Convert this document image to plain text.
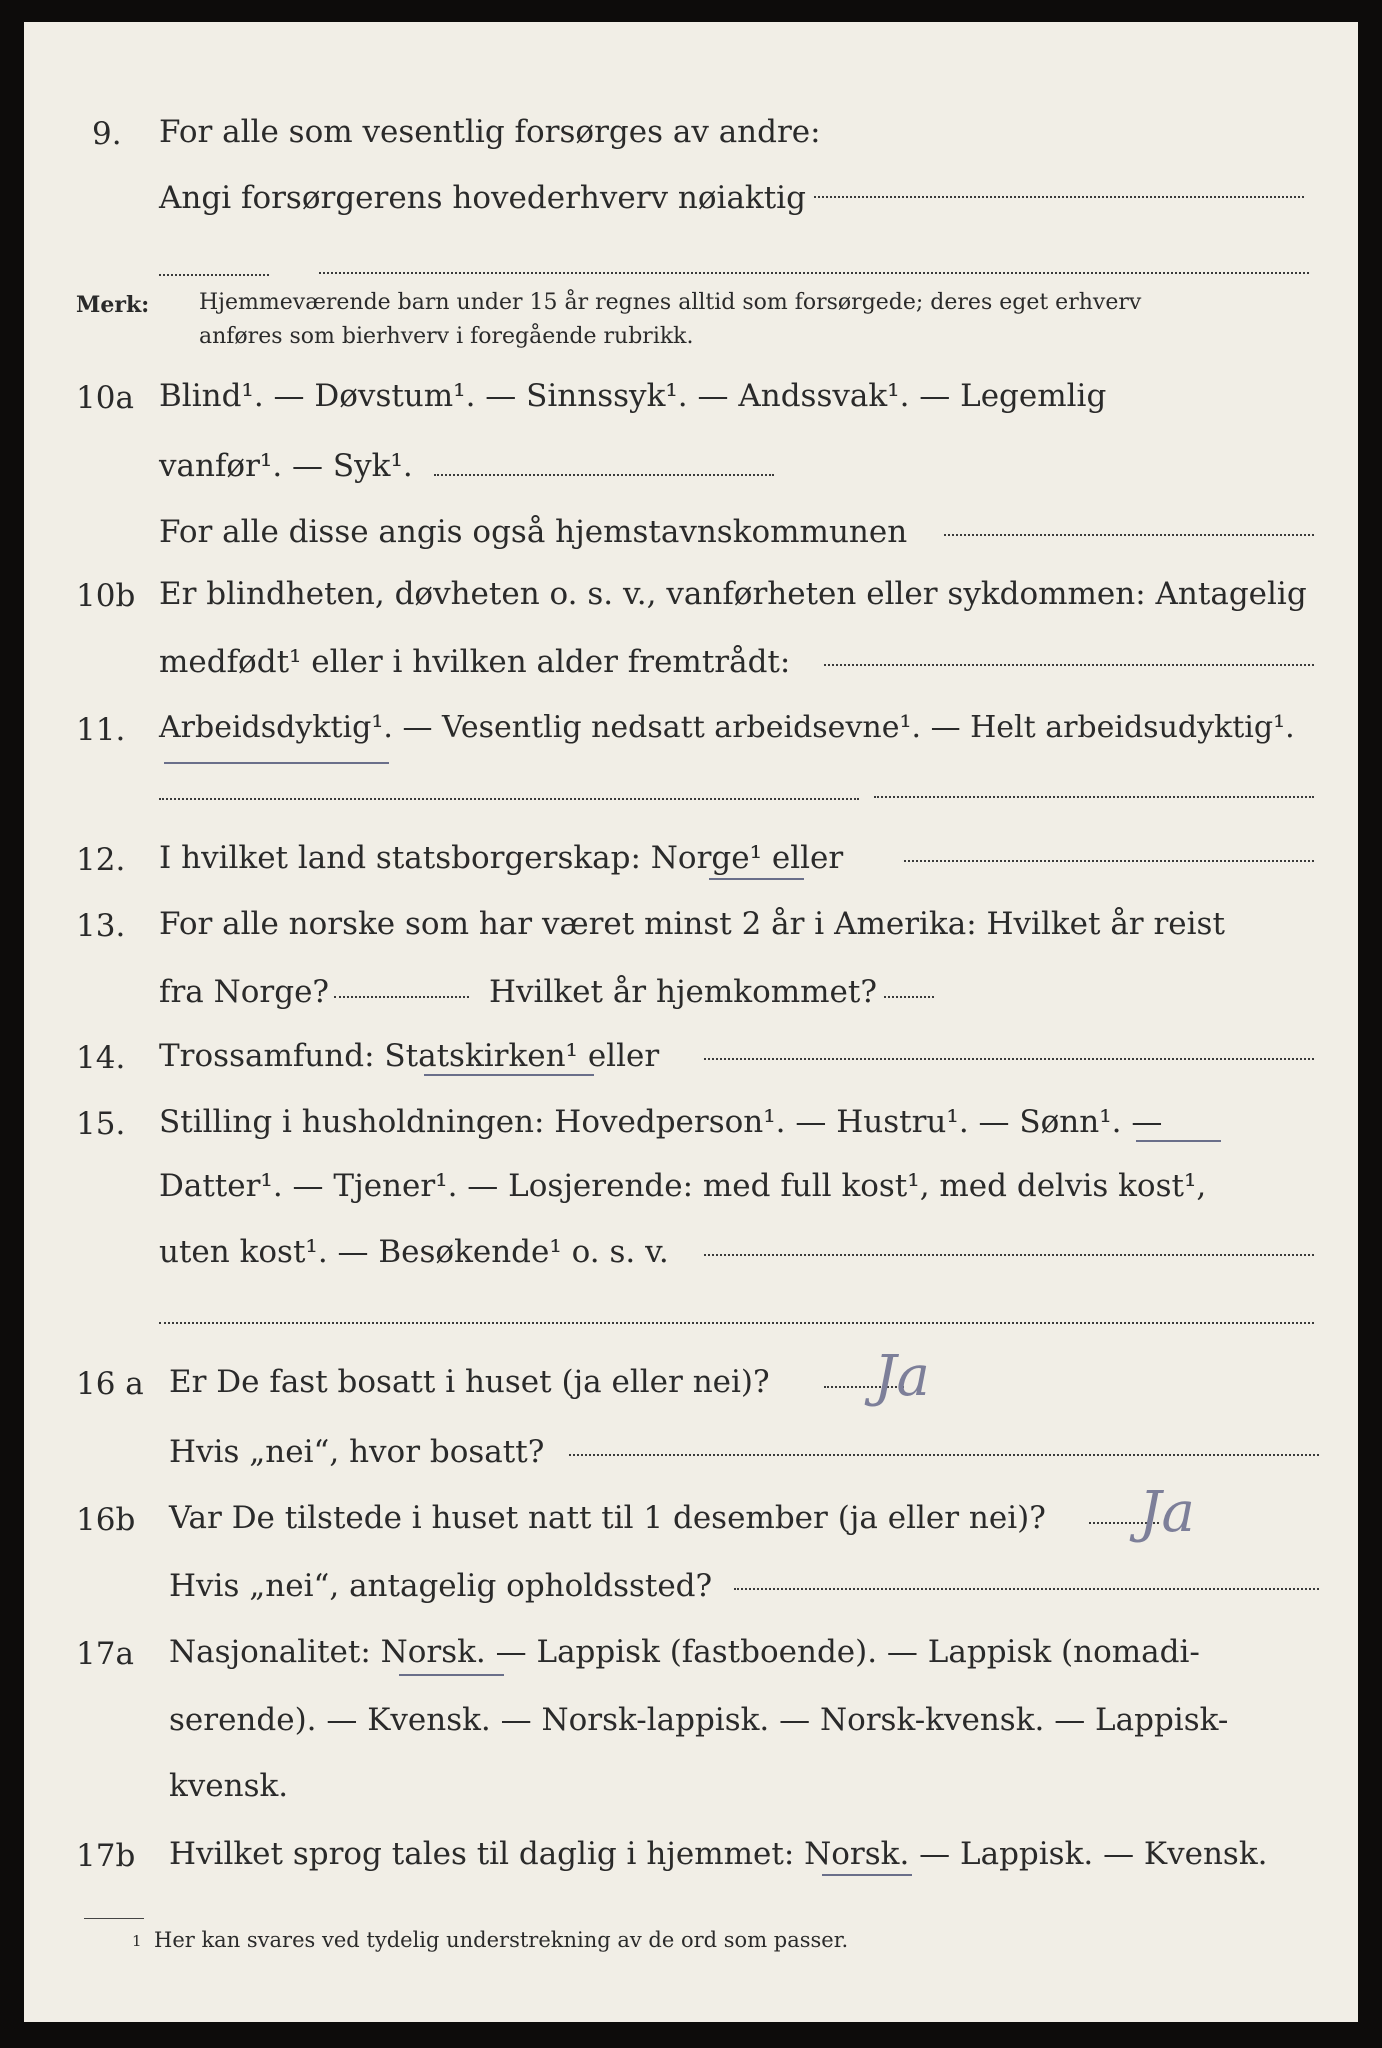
9. For alle som vesentlig forsørges av andre:
Angi forsørgerens hovederhverv nøiaktig
Merk: Hjemmeværende barn under 15 år regnes alltid som forsørgede; deres eget erhverv
anføres som bierhverv i foregående rubrikk.
10a Blind¹. — Døvstum¹. — Sinnssyk¹. — Andssvak¹. — Legemlig
vanfør¹. — Syk¹.
For alle disse angis også hjemstavnskommunen
10b Er blindheten, døvheten o. s. v., vanførheten eller sykdommen: Antagelig
medfødt¹ eller i hvilken alder fremtrådt:
11. Arbeidsdyktig¹. — Vesentlig nedsatt arbeidsevne¹. — Helt arbeidsudyktig¹.
12. I hvilket land statsborgerskap: Norge¹ eller
13. For alle norske som har været minst 2 år i Amerika: Hvilket år reist
fra Norge?	Hvilket år hjemkommet?
14. Trossamfund: Statskirken¹ eller
15. Stilling i husholdningen: Hovedperson¹. — Hustru¹. — Sønn¹. —
Datter¹. — Tjener¹. — Losjerende: med full kost¹, med delvis kost¹,
uten kost¹. — Besøkende¹ o. s. v.
16 a Er De fast bosatt i huset (ja eller nei)? Ja
Hvis „nei“, hvor bosatt?
16b Var De tilstede i huset natt til 1 desember (ja eller nei)? Ja
Hvis „nei“, antagelig opholdssted?
17a Nasjonalitet: Norsk. — Lappisk (fastboende). — Lappisk (nomadi-
serende). — Kvensk. — Norsk-lappisk. — Norsk-kvensk. — Lappisk-
kvensk.
17b Hvilket sprog tales til daglig i hjemmet: Norsk. — Lappisk. — Kvensk.
1 Her kan svares ved tydelig understrekning av de ord som passer.
